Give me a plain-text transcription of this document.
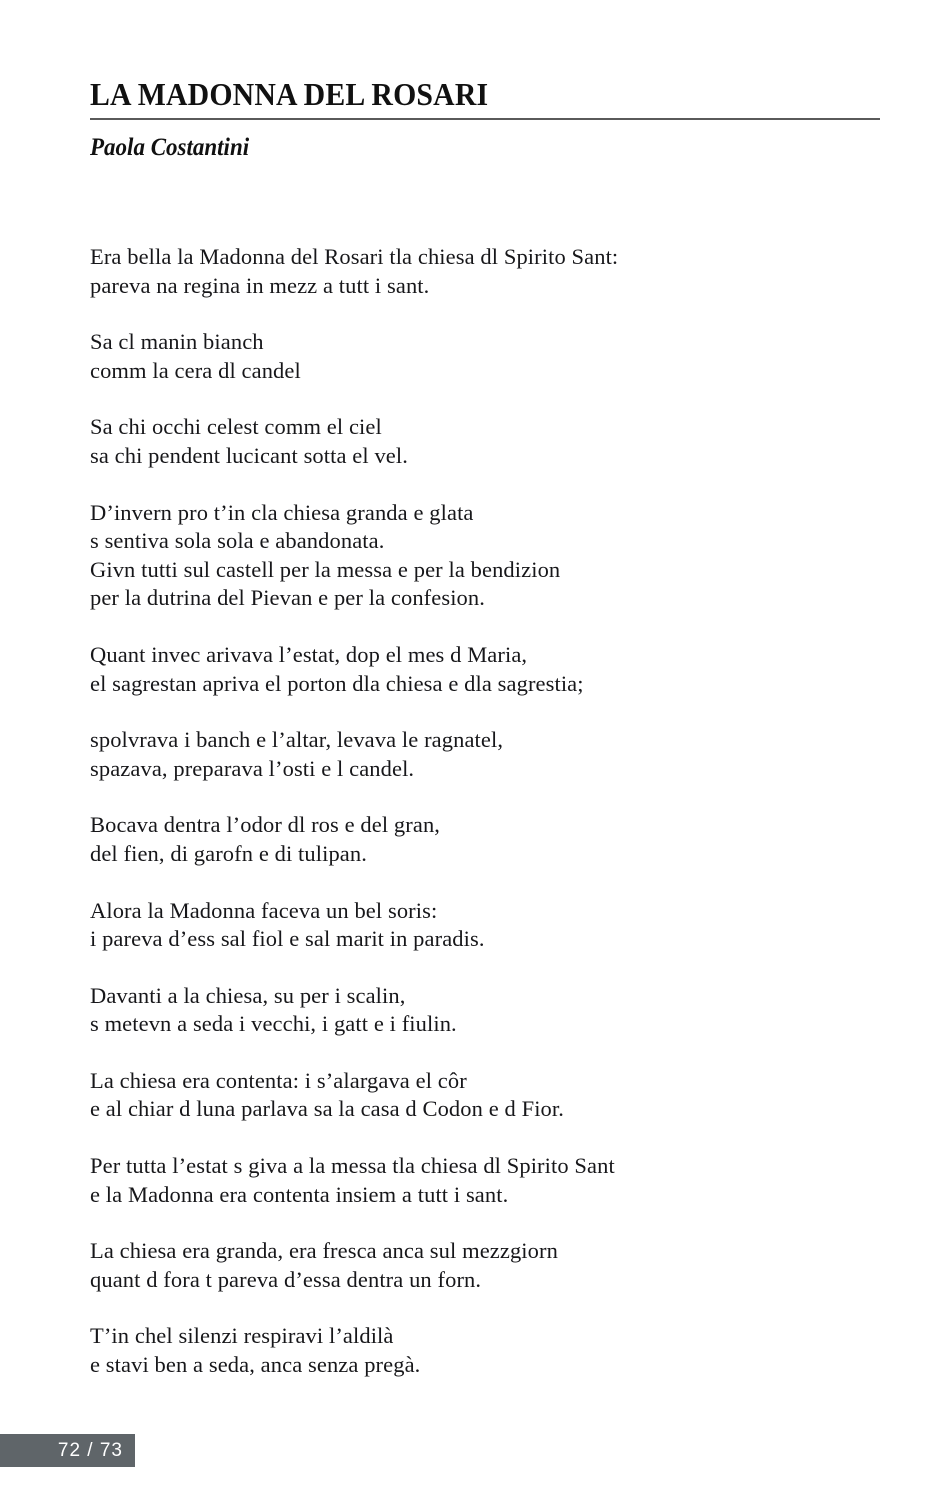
LA MADONNA DEL ROSARI
Paola Costantini
Era bella la Madonna del Rosari tla chiesa dl Spirito Sant:
pareva na regina in mezz a tutt i sant.
Sa cl manin bianch
comm la cera dl candel
Sa chi occhi celest comm el ciel
sa chi pendent lucicant sotta el vel.
D’invern pro t’in cla chiesa granda e glata
s sentiva sola sola e abandonata.
Givn tutti sul castell per la messa e per la bendizion
per la dutrina del Pievan e per la confesion.
Quant invec arivava l’estat, dop el mes d Maria,
el sagrestan apriva el porton dla chiesa e dla sagrestia;
spolvrava i banch e l’altar, levava le ragnatel,
spazava, preparava l’osti e l candel.
Bocava dentra l’odor dl ros e del gran,
del fien, di garofn e di tulipan.
Alora la Madonna faceva un bel soris:
i pareva d’ess sal fiol e sal marit in paradis.
Davanti a la chiesa, su per i scalin,
s metevn a seda i vecchi, i gatt e i fiulin.
La chiesa era contenta: i s’alargava el côr
e al chiar d luna parlava sa la casa d Codon e d Fior.
Per tutta l’estat s giva a la messa tla chiesa dl Spirito Sant
e la Madonna era contenta insiem a tutt i sant.
La chiesa era granda, era fresca anca sul mezzgiorn
quant d fora t pareva d’essa dentra un forn.
T’in chel silenzi respiravi l’aldilà
e stavi ben a seda, anca senza pregà.
72 / 73
